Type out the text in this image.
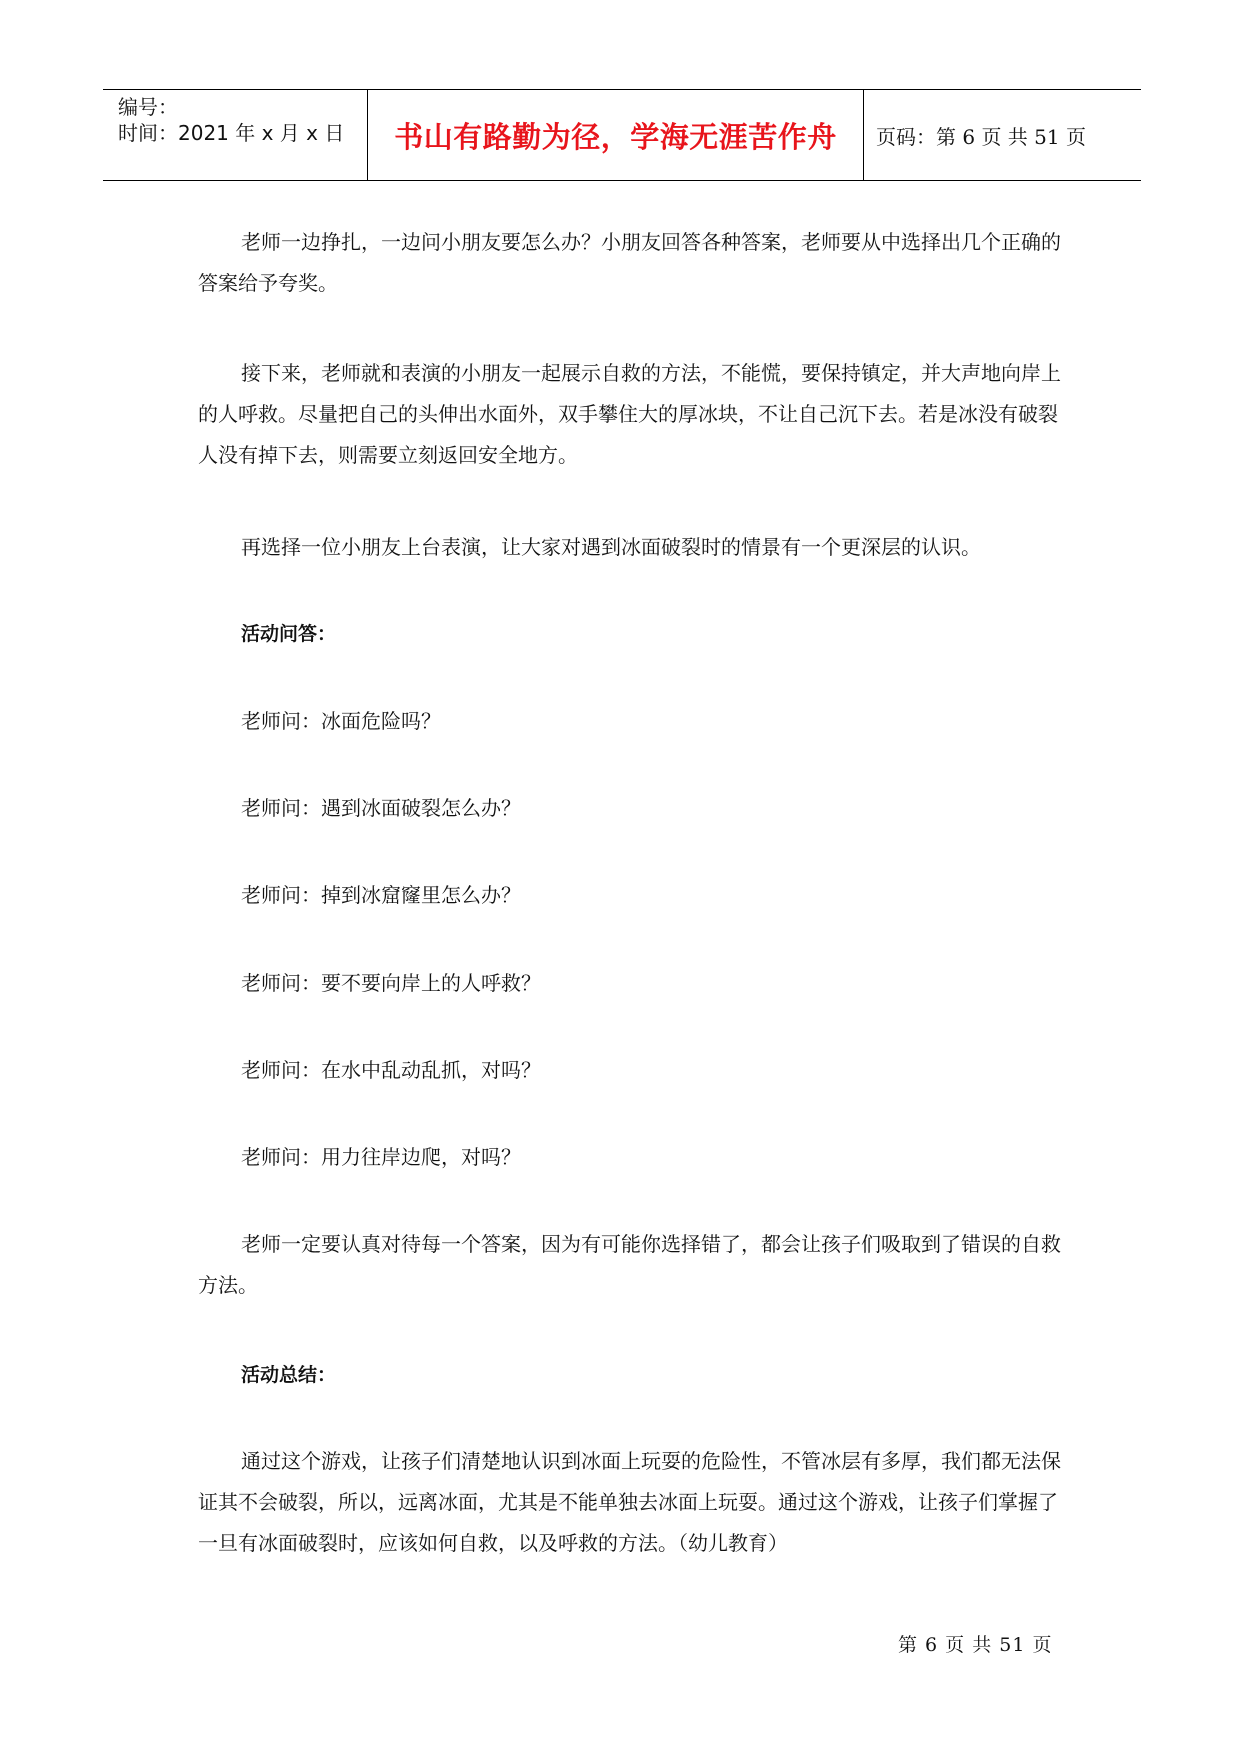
编号：
时间：2021 年 x 月 x 日	书山有路勤为径，学海无涯苦作舟	页码：第 6 页 共 51 页

老师一边挣扎，一边问小朋友要怎么办？小朋友回答各种答案，老师要从中选择出几个正确的答案给予夸奖。

接下来，老师就和表演的小朋友一起展示自救的方法，不能慌，要保持镇定，并大声地向岸上的人呼救。尽量把自己的头伸出水面外，双手攀住大的厚冰块，不让自己沉下去。若是冰没有破裂人没有掉下去，则需要立刻返回安全地方。

再选择一位小朋友上台表演，让大家对遇到冰面破裂时的情景有一个更深层的认识。

活动问答：

老师问：冰面危险吗？

老师问：遇到冰面破裂怎么办？

老师问：掉到冰窟窿里怎么办？

老师问：要不要向岸上的人呼救？

老师问：在水中乱动乱抓，对吗？

老师问：用力往岸边爬，对吗？

老师一定要认真对待每一个答案，因为有可能你选择错了，都会让孩子们吸取到了错误的自救方法。

活动总结：

通过这个游戏，让孩子们清楚地认识到冰面上玩耍的危险性，不管冰层有多厚，我们都无法保证其不会破裂，所以，远离冰面，尤其是不能单独去冰面上玩耍。通过这个游戏，让孩子们掌握了一旦有冰面破裂时，应该如何自救，以及呼救的方法。（幼儿教育）

第 6 页 共 51 页
